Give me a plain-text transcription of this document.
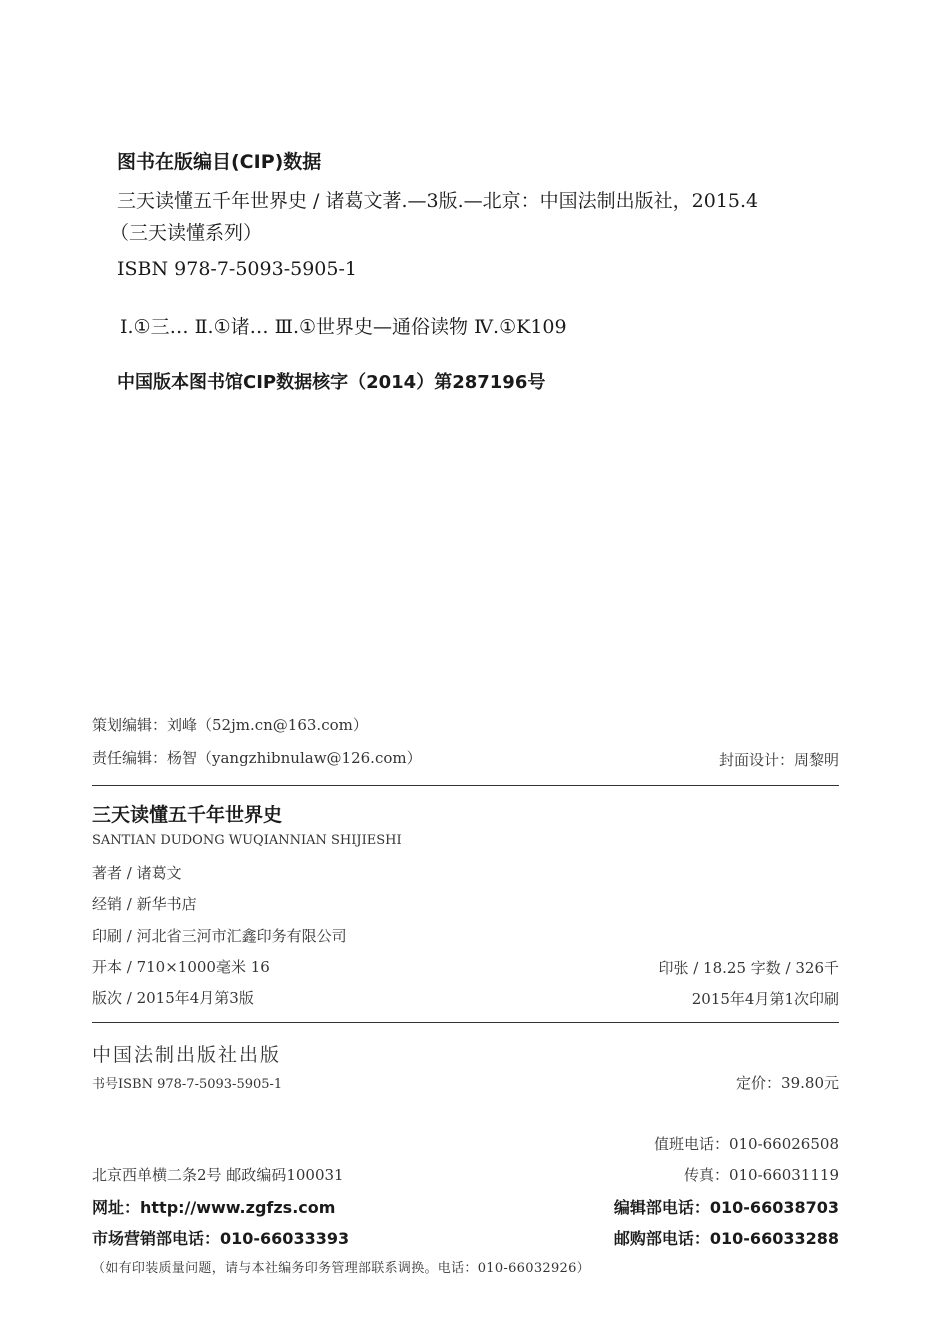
图书在版编目(CIP)数据
三天读懂五千年世界史 / 诸葛文著.—3版.—北京：中国法制出版社，2015.4
（三天读懂系列）
ISBN 978-7-5093-5905-1
Ⅰ.①三… Ⅱ.①诸… Ⅲ.①世界史—通俗读物 Ⅳ.①K109
中国版本图书馆CIP数据核字（2014）第287196号
策划编辑：刘峰（52jm.cn@163.com）
责任编辑：杨智（yangzhibnulaw@126.com）	封面设计：周黎明
三天读懂五千年世界史
SANTIAN DUDONG WUQIANNIAN SHIJIESHI
著者 / 诸葛文
经销 / 新华书店
印刷 / 河北省三河市汇鑫印务有限公司
开本 / 710×1000毫米 16	印张 / 18.25 字数 / 326千
版次 / 2015年4月第3版	2015年4月第1次印刷
中国法制出版社出版
书号ISBN 978-7-5093-5905-1	定价：39.80元
值班电话：010-66026508
北京西单横二条2号 邮政编码100031	传真：010-66031119
网址：http://www.zgfzs.com	编辑部电话：010-66038703
市场营销部电话：010-66033393	邮购部电话：010-66033288
（如有印装质量问题，请与本社编务印务管理部联系调换。电话：010-66032926）
